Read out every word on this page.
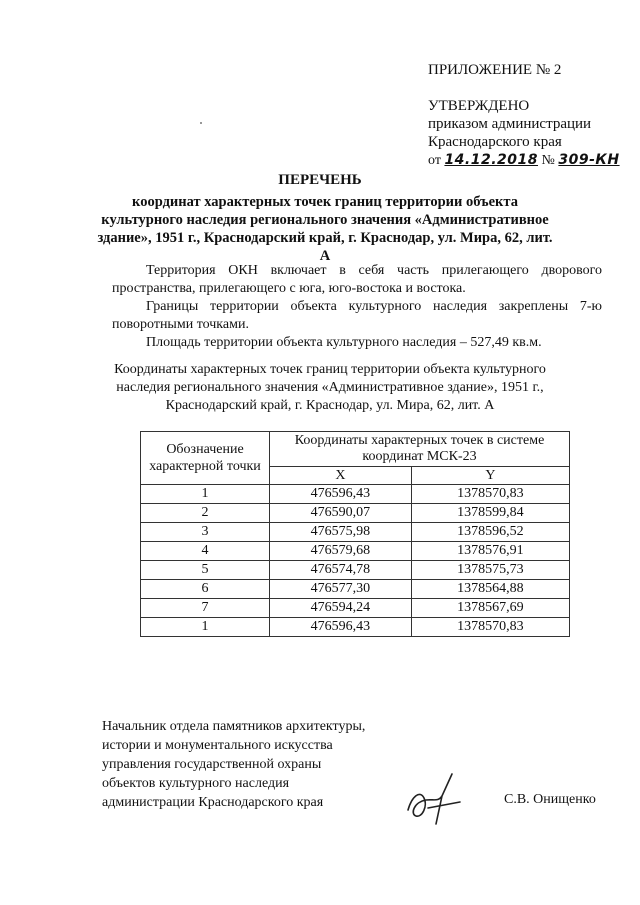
ПРИЛОЖЕНИЕ № 2
УТВЕРЖДЕНО
приказом администрации
Краснодарского края
от 14.12.2018 № 309-КН
ПЕРЕЧЕНЬ
координат характерных точек границ территории объекта культурного наследия регионального значения «Административное здание», 1951 г., Краснодарский край, г. Краснодар, ул. Мира, 62, лит. А

Территория ОКН включает в себя часть прилегающего дворового пространства, прилегающего с юга, юго-востока и востока.

Границы территории объекта культурного наследия закреплены 7-ю поворотными точками.

Площадь территории объекта культурного наследия – 527,49 кв.м.

Координаты характерных точек границ территории объекта культурного наследия регионального значения «Административное здание», 1951 г., Краснодарский край, г. Краснодар, ул. Мира, 62, лит. А
Обозначение характерной точки	Координаты характерных точек в системе координат МСК-23	
	X	Y
1	476596,43	1378570,83
2	476590,07	1378599,84
3	476575,98	1378596,52
4	476579,68	1378576,91
5	476574,78	1378575,73
6	476577,30	1378564,88
7	476594,24	1378567,69
1	476596,43	1378570,83
Начальник отдела памятников архитектуры,
истории и монументального искусства
управления государственной охраны
объектов культурного наследия
администрации Краснодарского края	С.В. Онищенко
